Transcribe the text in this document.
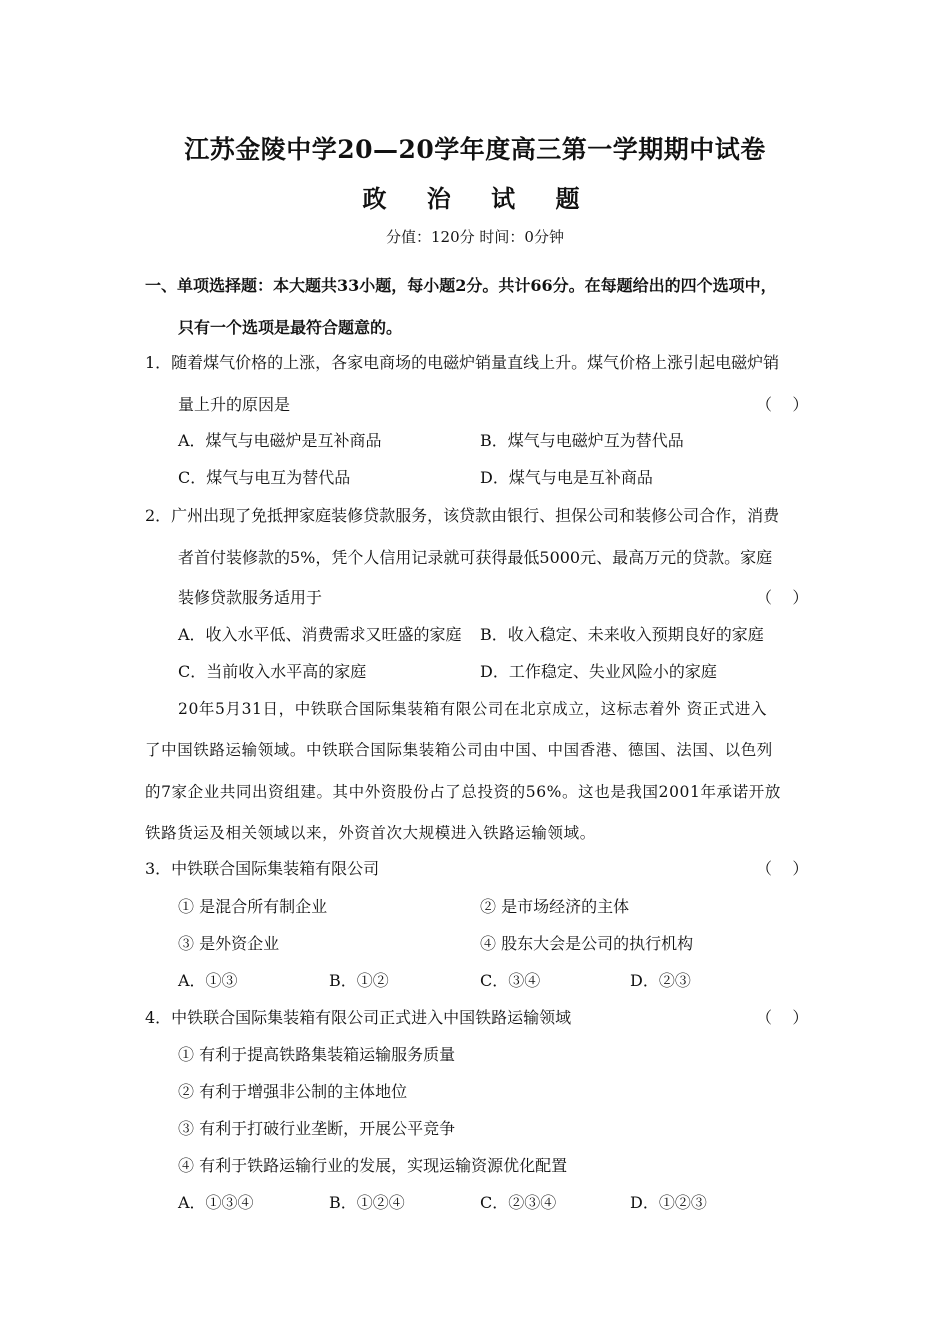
江苏金陵中学20—20学年度高三第一学期期中试卷
政 治 试 题
分值：120分 时间：0分钟
一、单项选择题：本大题共33小题，每小题2分。共计66分。在每题给出的四个选项中，
只有一个选项是最符合题意的。
1．随着煤气价格的上涨，各家电商场的电磁炉销量直线上升。煤气价格上涨引起电磁炉销
量上升的原因是	（    ）
A．煤气与电磁炉是互补商品	B．煤气与电磁炉互为替代品
C．煤气与电互为替代品	D．煤气与电是互补商品
2．广州出现了免抵押家庭装修贷款服务，该贷款由银行、担保公司和装修公司合作，消费
者首付装修款的5%，凭个人信用记录就可获得最低5000元、最高万元的贷款。家庭
装修贷款服务适用于	（    ）
A．收入水平低、消费需求又旺盛的家庭 B．收入稳定、未来收入预期良好的家庭
C．当前收入水平高的家庭	D．工作稳定、失业风险小的家庭
20年5月31日，中铁联合国际集装箱有限公司在北京成立，这标志着外 资正式进入
了中国铁路运输领域。中铁联合国际集装箱公司由中国、中国香港、德国、法国、以色列
的7家企业共同出资组建。其中外资股份占了总投资的56%。这也是我国2001年承诺开放
铁路货运及相关领域以来，外资首次大规模进入铁路运输领域。
3．中铁联合国际集装箱有限公司	（    ）
① 是混合所有制企业	② 是市场经济的主体
③ 是外资企业	④ 股东大会是公司的执行机构
A．①③	B．①②	C．③④	D．②③
4．中铁联合国际集装箱有限公司正式进入中国铁路运输领域	（    ）
① 有利于提高铁路集装箱运输服务质量
② 有利于增强非公制的主体地位
③ 有利于打破行业垄断，开展公平竞争
④ 有利于铁路运输行业的发展，实现运输资源优化配置
A．①③④	B．①②④	C．②③④	D．①②③
